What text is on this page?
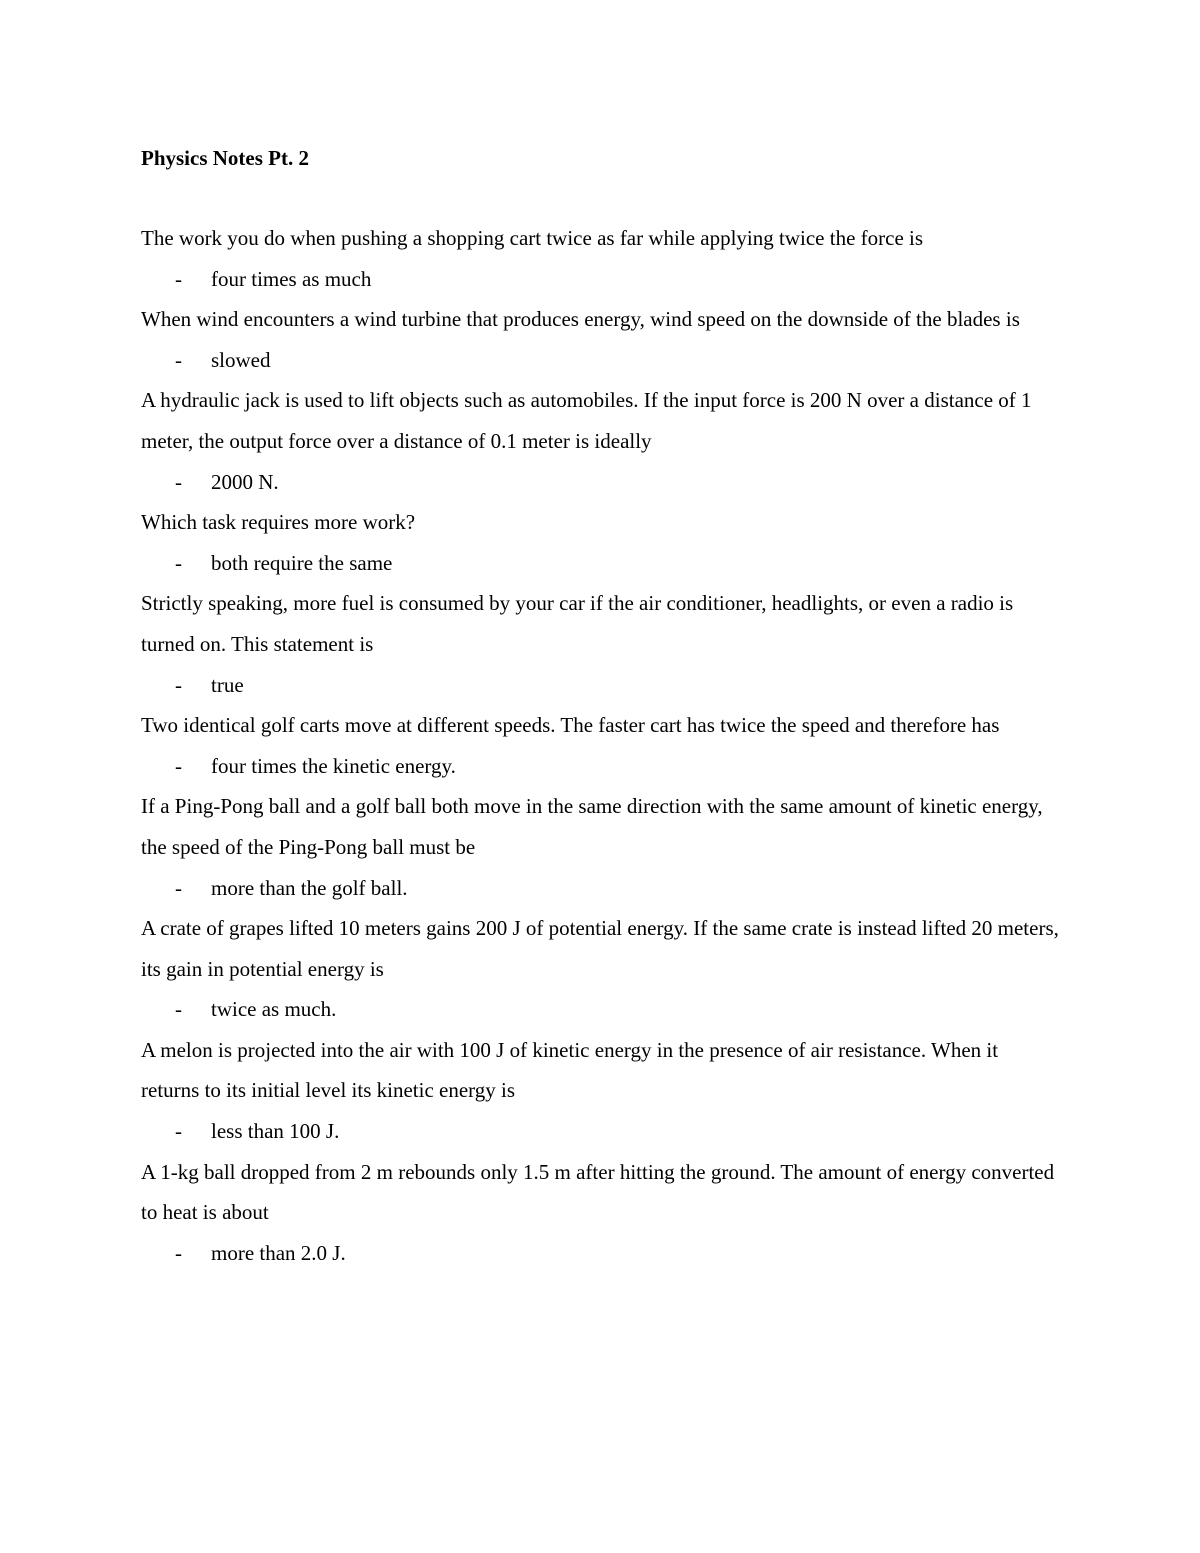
Physics Notes Pt. 2

The work you do when pushing a shopping cart twice as far while applying twice the force is

- four times as much

When wind encounters a wind turbine that produces energy, wind speed on the downside of the blades is

- slowed

A hydraulic jack is used to lift objects such as automobiles. If the input force is 200 N over a distance of 1 meter, the output force over a distance of 0.1 meter is ideally

- 2000 N.

Which task requires more work?

- both require the same

Strictly speaking, more fuel is consumed by your car if the air conditioner, headlights, or even a radio is turned on. This statement is

- true

Two identical golf carts move at different speeds. The faster cart has twice the speed and therefore has

- four times the kinetic energy.

If a Ping-Pong ball and a golf ball both move in the same direction with the same amount of kinetic energy, the speed of the Ping-Pong ball must be

- more than the golf ball.

A crate of grapes lifted 10 meters gains 200 J of potential energy. If the same crate is instead lifted 20 meters, its gain in potential energy is

- twice as much.

A melon is projected into the air with 100 J of kinetic energy in the presence of air resistance. When it returns to its initial level its kinetic energy is

- less than 100 J.

A 1-kg ball dropped from 2 m rebounds only 1.5 m after hitting the ground. The amount of energy converted to heat is about

- more than 2.0 J.
